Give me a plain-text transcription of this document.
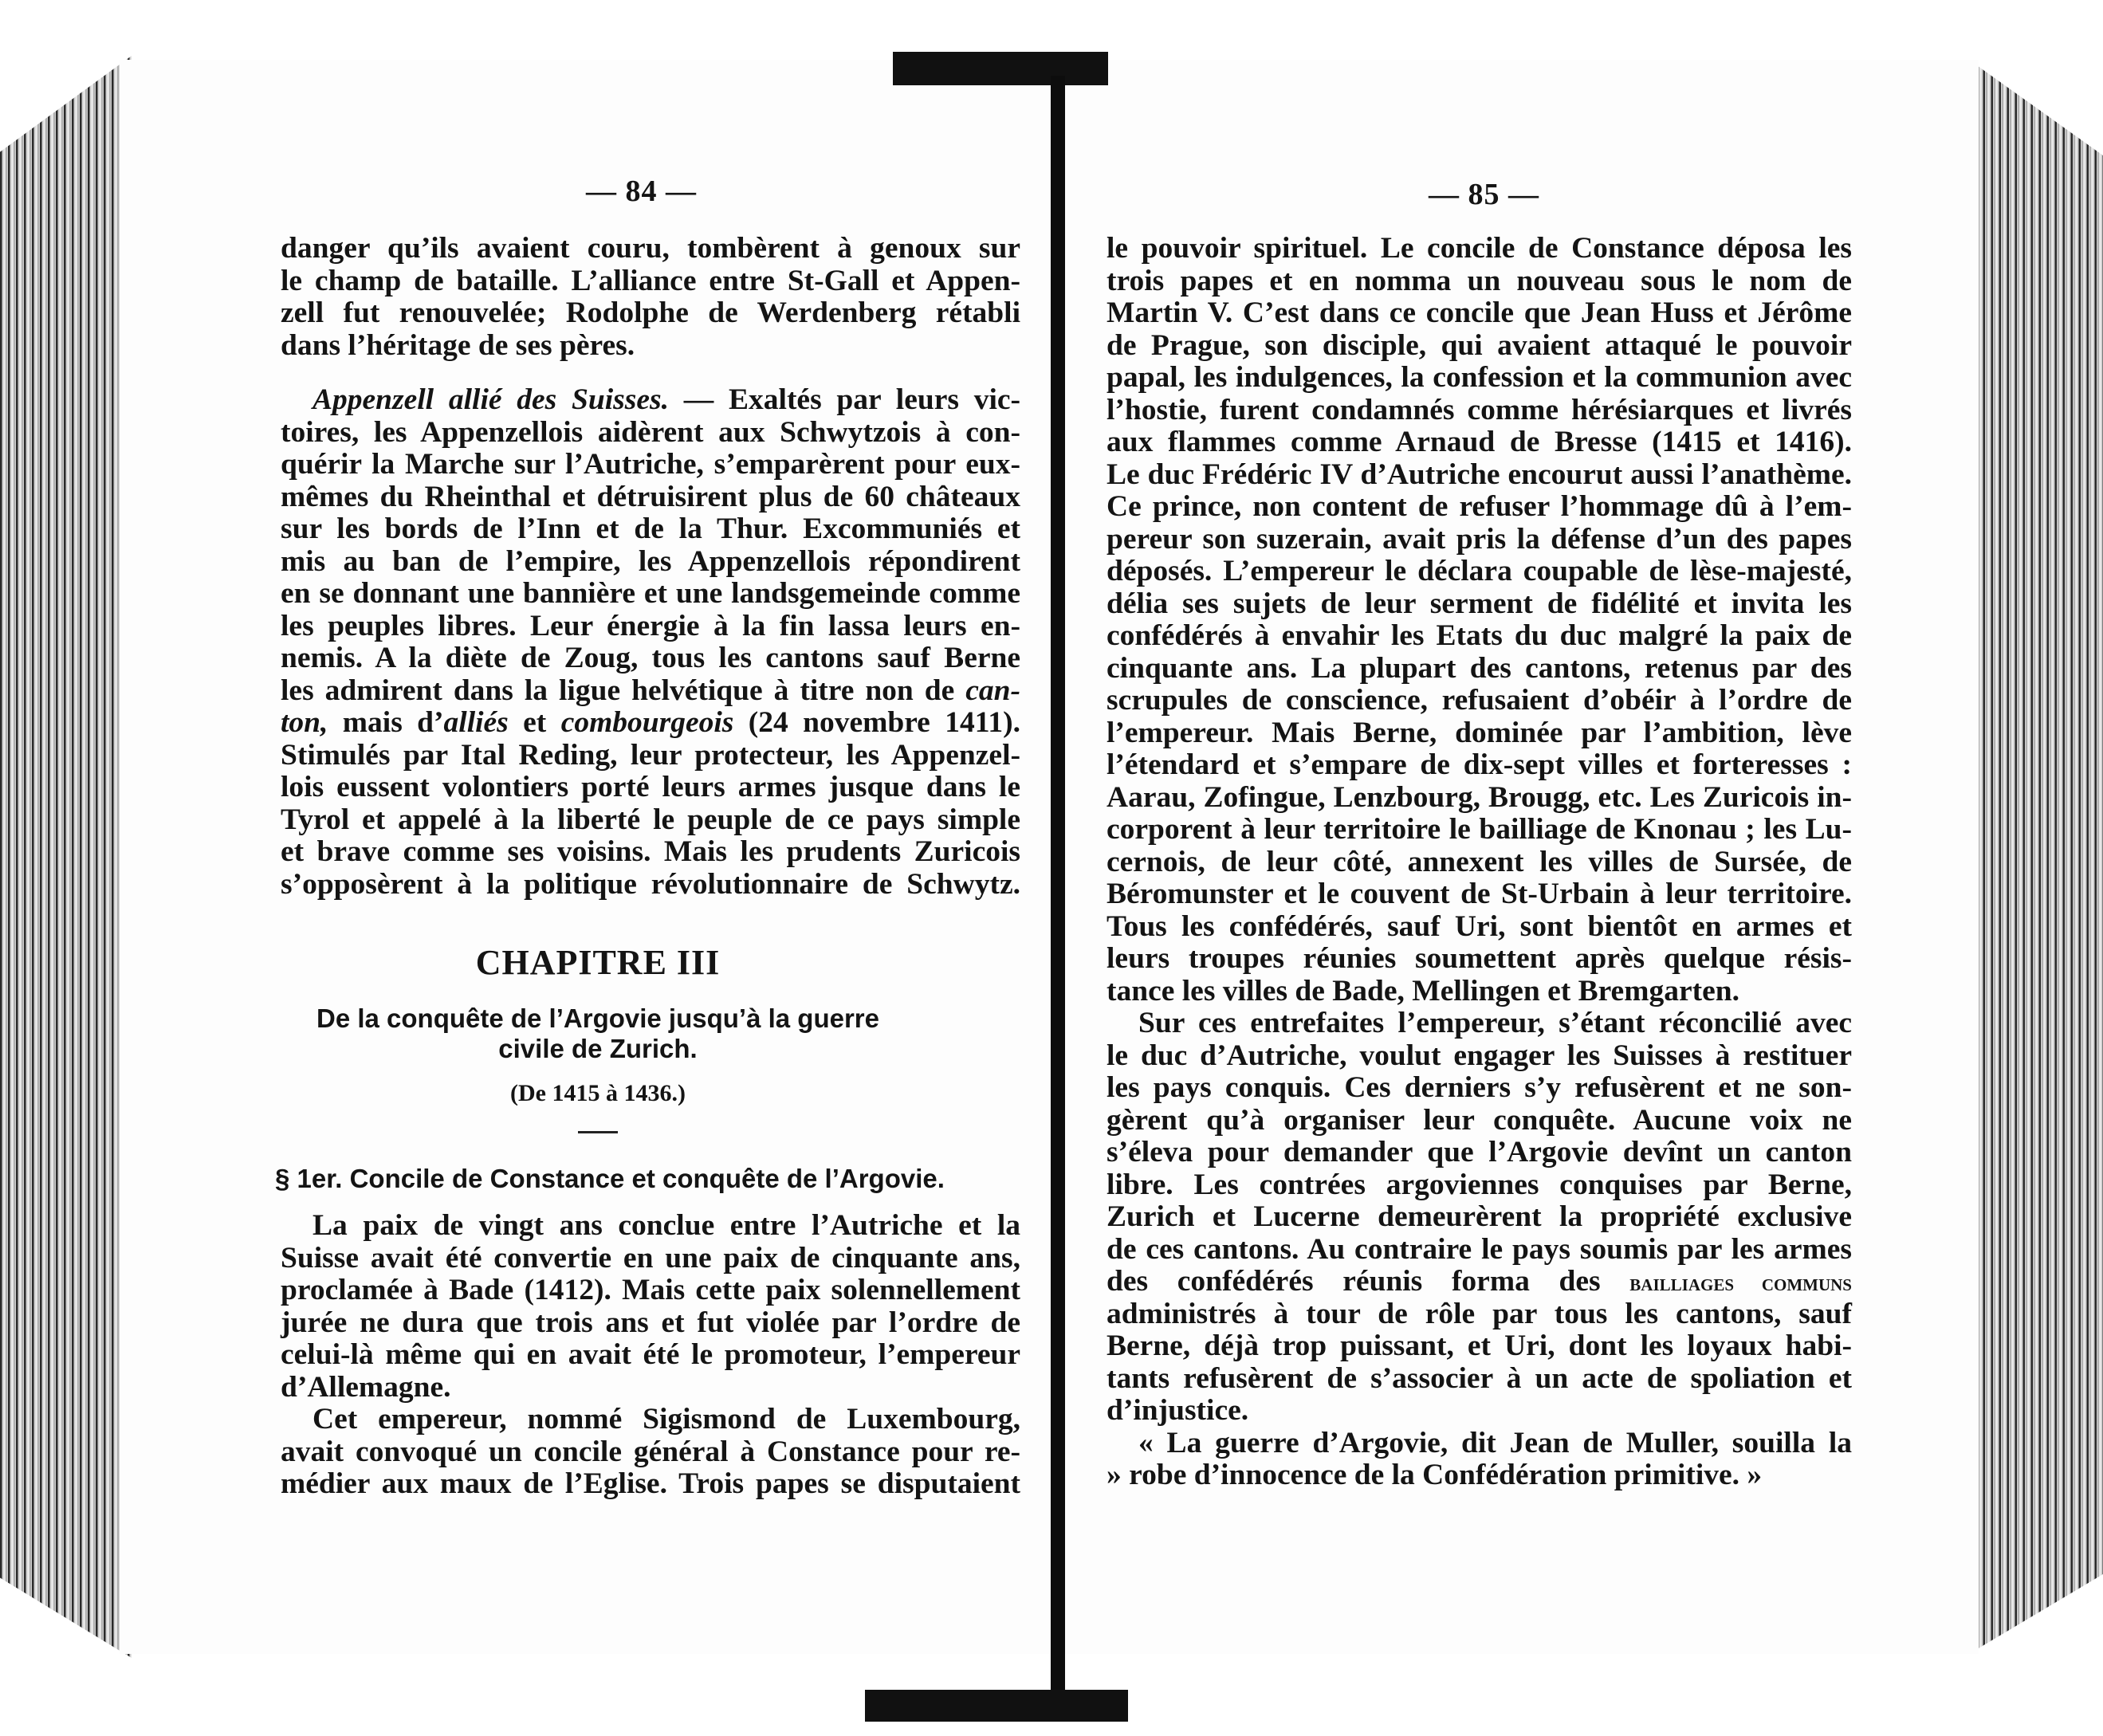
— 84 —
danger qu’ils avaient couru, tombèrent à genoux sur
le champ de bataille. L’alliance entre St-Gall et Appen-
zell fut renouvelée; Rodolphe de Werdenberg rétabli
dans l’héritage de ses pères.
Appenzell allié des Suisses. — Exaltés par leurs vic-
toires, les Appenzellois aidèrent aux Schwytzois à con-
quérir la Marche sur l’Autriche, s’emparèrent pour eux-
mêmes du Rheinthal et détruisirent plus de 60 châteaux
sur les bords de l’Inn et de la Thur. Excommuniés et
mis au ban de l’empire, les Appenzellois répondirent
en se donnant une bannière et une landsgemeinde comme
les peuples libres. Leur énergie à la fin lassa leurs en-
nemis. A la diète de Zoug, tous les cantons sauf Berne
les admirent dans la ligue helvétique à titre non de can-
ton, mais d’alliés et combourgeois (24 novembre 1411).
Stimulés par Ital Reding, leur protecteur, les Appenzel-
lois eussent volontiers porté leurs armes jusque dans le
Tyrol et appelé à la liberté le peuple de ce pays simple
et brave comme ses voisins. Mais les prudents Zuricois
s’opposèrent à la politique révolutionnaire de Schwytz.
CHAPITRE III
De la conquête de l’Argovie jusqu’à la guerre
civile de Zurich.
(De 1415 à 1436.)
§ 1er. Concile de Constance et conquête de l’Argovie.
La paix de vingt ans conclue entre l’Autriche et la
Suisse avait été convertie en une paix de cinquante ans,
proclamée à Bade (1412). Mais cette paix solennellement
jurée ne dura que trois ans et fut violée par l’ordre de
celui-là même qui en avait été le promoteur, l’empereur
d’Allemagne.
Cet empereur, nommé Sigismond de Luxembourg,
avait convoqué un concile général à Constance pour re-
médier aux maux de l’Eglise. Trois papes se disputaient
— 85 —
le pouvoir spirituel. Le concile de Constance déposa les
trois papes et en nomma un nouveau sous le nom de
Martin V. C’est dans ce concile que Jean Huss et Jérôme
de Prague, son disciple, qui avaient attaqué le pouvoir
papal, les indulgences, la confession et la communion avec
l’hostie, furent condamnés comme hérésiarques et livrés
aux flammes comme Arnaud de Bresse (1415 et 1416).
Le duc Frédéric IV d’Autriche encourut aussi l’anathème.
Ce prince, non content de refuser l’hommage dû à l’em-
pereur son suzerain, avait pris la défense d’un des papes
déposés. L’empereur le déclara coupable de lèse-majesté,
délia ses sujets de leur serment de fidélité et invita les
confédérés à envahir les Etats du duc malgré la paix de
cinquante ans. La plupart des cantons, retenus par des
scrupules de conscience, refusaient d’obéir à l’ordre de
l’empereur. Mais Berne, dominée par l’ambition, lève
l’étendard et s’empare de dix-sept villes et forteresses :
Aarau, Zofingue, Lenzbourg, Brougg, etc. Les Zuricois in-
corporent à leur territoire le bailliage de Knonau ; les Lu-
cernois, de leur côté, annexent les villes de Sursée, de
Béromunster et le couvent de St-Urbain à leur territoire.
Tous les confédérés, sauf Uri, sont bientôt en armes et
leurs troupes réunies soumettent après quelque résis-
tance les villes de Bade, Mellingen et Bremgarten.
Sur ces entrefaites l’empereur, s’étant réconcilié avec
le duc d’Autriche, voulut engager les Suisses à restituer
les pays conquis. Ces derniers s’y refusèrent et ne son-
gèrent qu’à organiser leur conquête. Aucune voix ne
s’éleva pour demander que l’Argovie devînt un canton
libre. Les contrées argoviennes conquises par Berne,
Zurich et Lucerne demeurèrent la propriété exclusive
de ces cantons. Au contraire le pays soumis par les armes
des confédérés réunis forma des bailliages communs
administrés à tour de rôle par tous les cantons, sauf
Berne, déjà trop puissant, et Uri, dont les loyaux habi-
tants refusèrent de s’associer à un acte de spoliation et
d’injustice.
« La guerre d’Argovie, dit Jean de Muller, souilla la
» robe d’innocence de la Confédération primitive. »
